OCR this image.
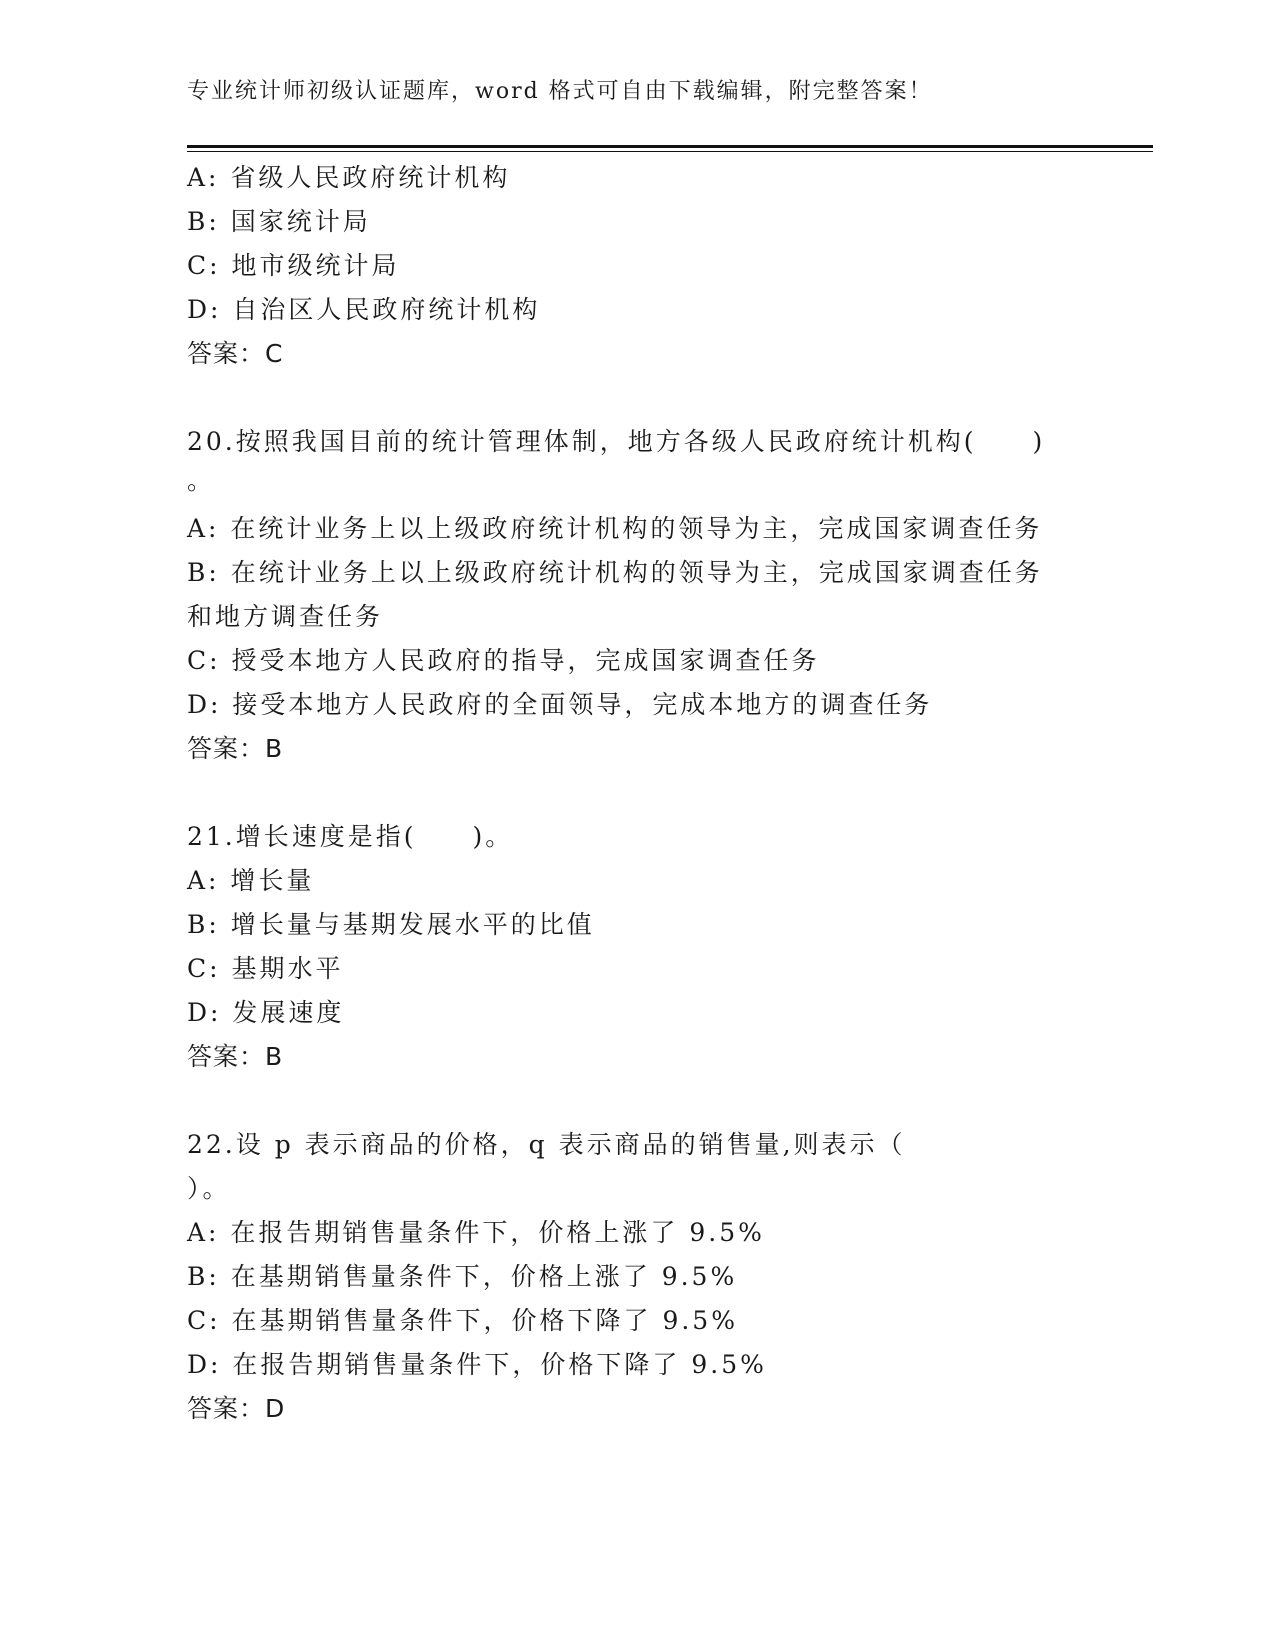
专业统计师初级认证题库，word 格式可自由下载编辑，附完整答案！
A: 省级人民政府统计机构
B: 国家统计局
C: 地市级统计局
D: 自治区人民政府统计机构
答案：C
20.按照我国目前的统计管理体制，地方各级人民政府统计机构(　　)
。
A: 在统计业务上以上级政府统计机构的领导为主，完成国家调查任务
B: 在统计业务上以上级政府统计机构的领导为主，完成国家调查任务
和地方调查任务
C: 授受本地方人民政府的指导，完成国家调查任务
D: 接受本地方人民政府的全面领导，完成本地方的调查任务
答案：B
21.增长速度是指(　　)。
A: 增长量
B: 增长量与基期发展水平的比值
C: 基期水平
D: 发展速度
答案：B
22.设 p 表示商品的价格，q 表示商品的销售量,则表示（
）。
A: 在报告期销售量条件下，价格上涨了 9.5%
B: 在基期销售量条件下，价格上涨了 9.5%
C: 在基期销售量条件下，价格下降了 9.5%
D: 在报告期销售量条件下，价格下降了 9.5%
答案：D
